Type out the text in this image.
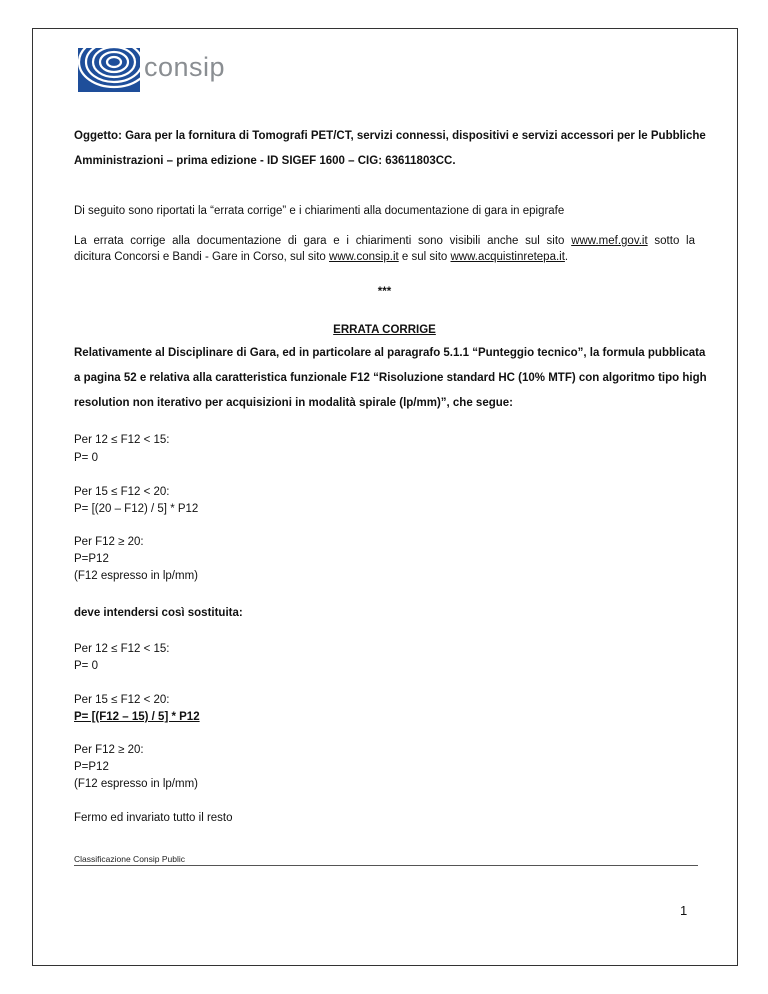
consip
Oggetto: Gara per la fornitura di Tomografi PET/CT, servizi connessi, dispositivi e servizi accessori per le Pubbliche
Amministrazioni – prima edizione - ID SIGEF 1600 – CIG: 63611803CC.
Di seguito sono riportati la “errata corrige” e i chiarimenti alla documentazione di gara in epigrafe
La errata corrige alla documentazione di gara e i chiarimenti sono visibili anche sul sito www.mef.gov.it sotto la
dicitura Concorsi e Bandi - Gare in Corso, sul sito www.consip.it e sul sito www.acquistinretepa.it.
***
ERRATA CORRIGE
Relativamente al Disciplinare di Gara, ed in particolare al paragrafo 5.1.1 “Punteggio tecnico”, la formula pubblicata
a pagina 52 e relativa alla caratteristica funzionale F12 “Risoluzione standard HC (10% MTF) con algoritmo tipo high
resolution non iterativo per acquisizioni in modalità spirale (lp/mm)”, che segue:
Per 12 ≤ F12 < 15:
P= 0
Per 15 ≤ F12 < 20:
P= [(20 – F12) / 5] * P12
Per F12 ≥ 20:
P=P12
(F12 espresso in lp/mm)
deve intendersi così sostituita:
Per 12 ≤ F12 < 15:
P= 0
Per 15 ≤ F12 < 20:
P= [(F12 – 15) / 5] * P12
Per F12 ≥ 20:
P=P12
(F12 espresso in lp/mm)
Fermo ed invariato tutto il resto
Classificazione Consip Public
1
